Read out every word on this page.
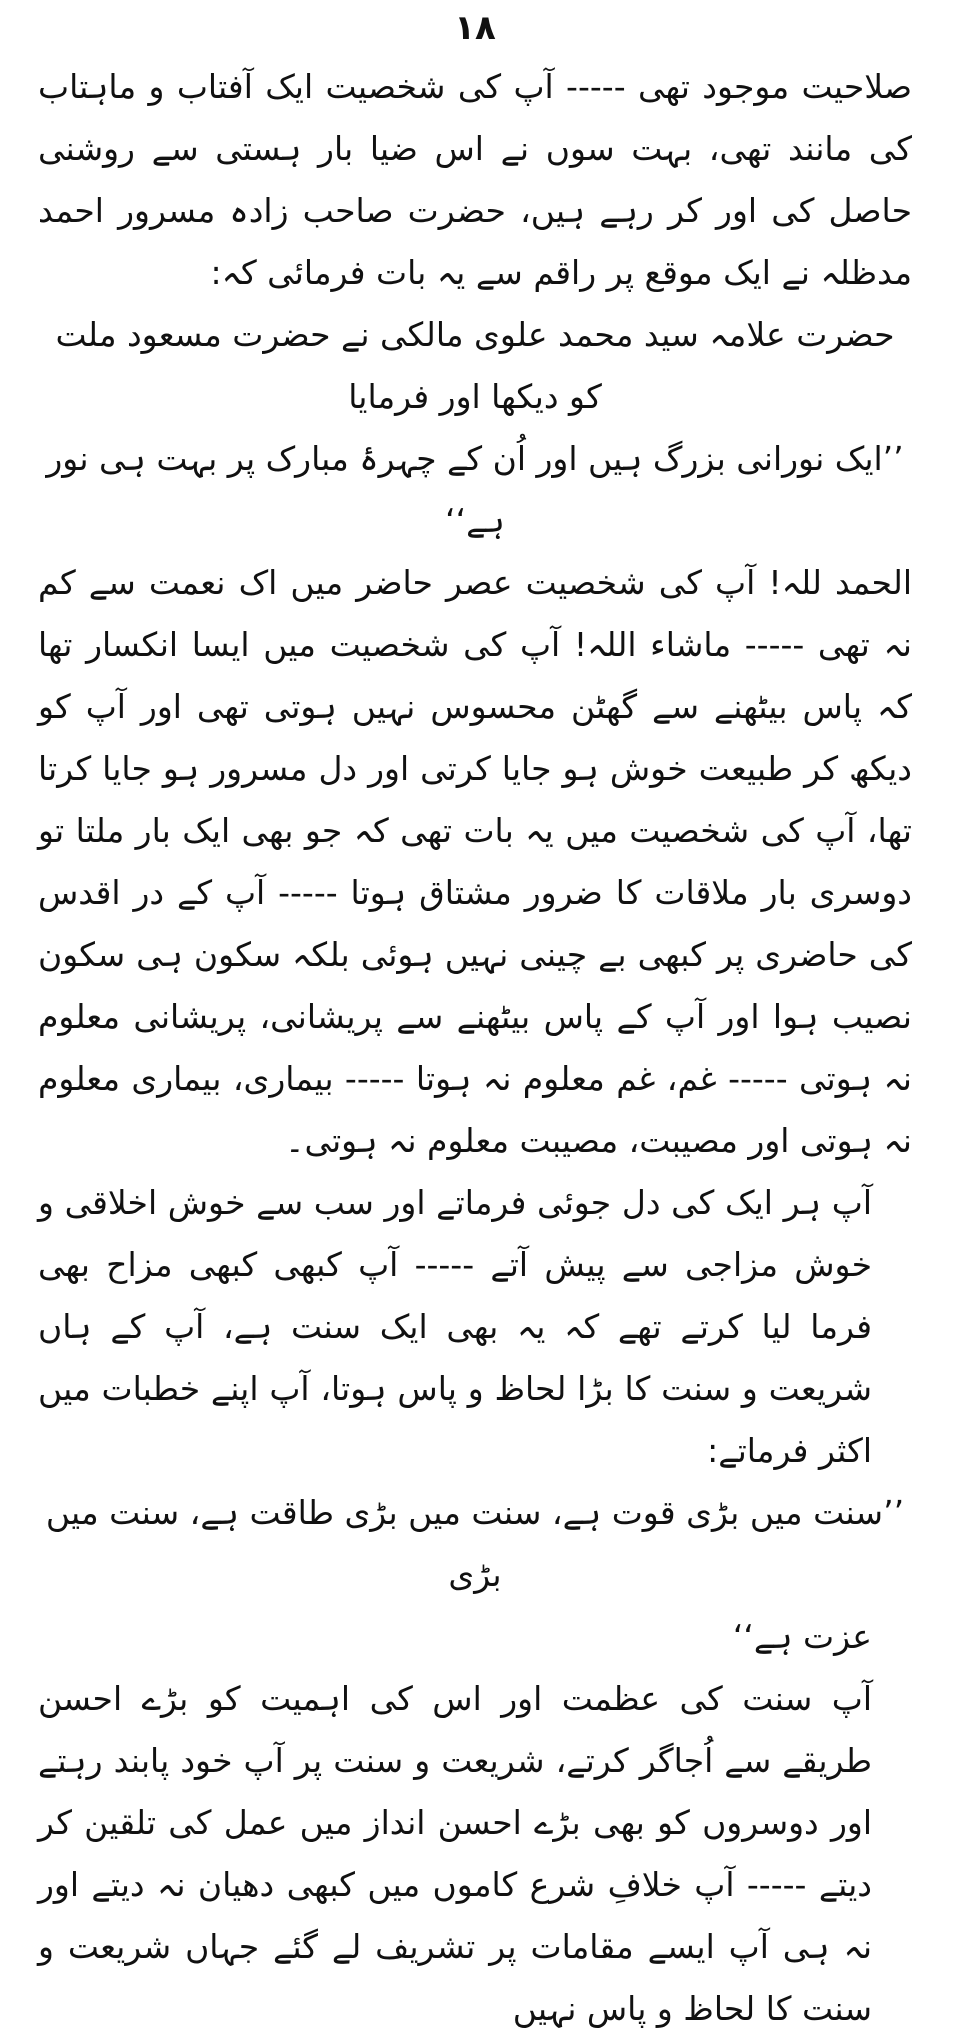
۱۸

صلاحیت موجود تھی ----- آپ کی شخصیت ایک آفتاب و ماہتاب کی مانند تھی، بہت سوں نے اس ضیا بار ہستی سے روشنی حاصل کی اور کر رہے ہیں، حضرت صاحب زادہ مسرور احمد مدظلہ نے ایک موقع پر راقم سے یہ بات فرمائی کہ:

حضرت علامہ سید محمد علوی مالکی نے حضرت مسعود ملت کو دیکھا اور فرمایا

’’ایک نورانی بزرگ ہیں اور اُن کے چہرۂ مبارک پر بہت ہی نور ہے‘‘

الحمد للہ! آپ کی شخصیت عصر حاضر میں اک نعمت سے کم نہ تھی ----- ماشاء اللہ! آپ کی شخصیت میں ایسا انکسار تھا کہ پاس بیٹھنے سے گھٹن محسوس نہیں ہوتی تھی اور آپ کو دیکھ کر طبیعت خوش ہو جایا کرتی اور دل مسرور ہو جایا کرتا تھا، آپ کی شخصیت میں یہ بات تھی کہ جو بھی ایک بار ملتا تو دوسری بار ملاقات کا ضرور مشتاق ہوتا ----- آپ کے در اقدس کی حاضری پر کبھی بے چینی نہیں ہوئی بلکہ سکون ہی سکون نصیب ہوا اور آپ کے پاس بیٹھنے سے پریشانی، پریشانی معلوم نہ ہوتی ----- غم، غم معلوم نہ ہوتا ----- بیماری، بیماری معلوم نہ ہوتی اور مصیبت، مصیبت معلوم نہ ہوتی۔

آپ ہر ایک کی دل جوئی فرماتے اور سب سے خوش اخلاقی و خوش مزاجی سے پیش آتے ----- آپ کبھی کبھی مزاح بھی فرما لیا کرتے تھے کہ یہ بھی ایک سنت ہے، آپ کے ہاں شریعت و سنت کا بڑا لحاظ و پاس ہوتا، آپ اپنے خطبات میں اکثر فرماتے:

’’سنت میں بڑی قوت ہے، سنت میں بڑی طاقت ہے، سنت میں بڑی

عزت ہے‘‘

آپ سنت کی عظمت اور اس کی اہمیت کو بڑے احسن طریقے سے اُجاگر کرتے، شریعت و سنت پر آپ خود پابند رہتے اور دوسروں کو بھی بڑے احسن انداز میں عمل کی تلقین کر دیتے ----- آپ خلافِ شرع کاموں میں کبھی دھیان نہ دیتے اور نہ ہی آپ ایسے مقامات پر تشریف لے گئے جہاں شریعت و سنت کا لحاظ و پاس نہیں
